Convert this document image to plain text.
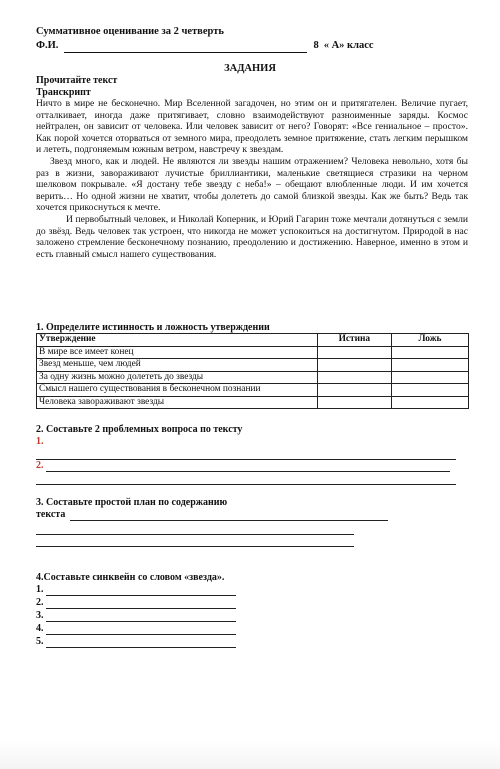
Суммативное оценивание за 2 четверть
Ф.И.	8 « А» класс
ЗАДАНИЯ
Прочитайте текст
Транскрипт

Ничто в мире не бесконечно. Мир Вселенной загадочен, но этим он и притягателен. Величие пугает, отталкивает, иногда даже притягивает, словно взаимодействуют разноименные заряды. Космос нейтрален, он зависит от человека. Или человек зависит от него? Говорят: «Все гениальное – просто». Как порой хочется оторваться от земного мира, преодолеть земное притяжение, стать легким перышком и лететь, подгоняемым южным ветром, навстречу к звездам.

Звезд много, как и людей. Не являются ли звезды нашим отражением? Человека невольно, хотя бы раз в жизни, завораживают лучистые бриллиантики, маленькие светящиеся стразики на черном шелковом покрывале. «Я достану тебе звезду с неба!» – обещают влюбленные люди. И им хочется верить… Но одной жизни не хватит, чтобы долететь до самой близкой звезды. Как же быть? Ведь так хочется прикоснуться к мечте.

И первобытный человек, и Николай Коперник, и Юрий Гагарин тоже мечтали дотянуться с земли до звёзд. Ведь человек так устроен, что никогда не может успокоиться на достигнутом. Природой в нас заложено стремление бесконечному познанию, преодолению и достижению. Наверное, именно в этом и есть главный смысл нашего существования.

1. Определите истинность и ложность утверждении
Утверждение	Истина	Ложь
В мире все имеет конец		
Звезд меньше, чем людей		
За одну жизнь можно долететь до звезды		
Смысл нашего существования в бесконечном познании		
Человека завораживают звезды		
2. Составьте 2 проблемных вопроса по тексту
1.
2.
3. Составьте простой план по содержанию
текста
4.Составьте синквейн со словом «звезда».
1.
2.
3.
4.
5.
